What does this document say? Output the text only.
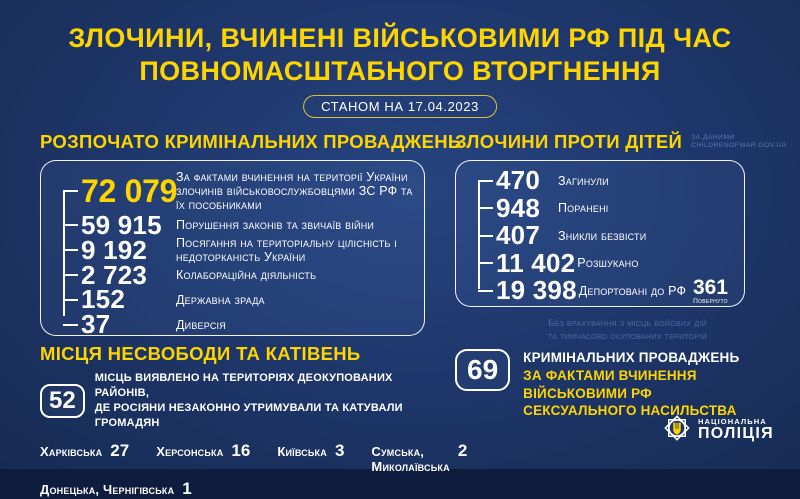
ЗЛОЧИНИ, ВЧИНЕНІ ВІЙСЬКОВИМИ РФ ПІД ЧАС
ПОВНОМАСШТАБНОГО ВТОРГНЕННЯ
СТАНОМ НА 17.04.2023
РОЗПОЧАТО КРИМІНАЛЬНИХ ПРОВАДЖЕНЬ
72 079
За фактами вчинення на території України злочинів військовослужбовцями ЗС РФ та їх пособниками
59 915	Порушення законів та звичаїв війни
9 192	Посягання на територіальну цілісність і недоторканість України
2 723	Колабораційна діяльність
152	Державна зрада
37	Диверсія
ЗЛОЧИНИ ПРОТИ ДІТЕЙ ЗА ДАНИМИ
CHILDRENOFWAR.GOV.UA
470	Загинули
948	Поранені
407	Зникли безвісти
11 402 Розшукано
19 398 Депортовані до РФ 361
Повернуто
Без врахування з місць бойових дій
та тимчасово окупованих територій
МІСЦЯ НЕСВОБОДИ ТА КАТІВЕНЬ
52
МІСЦЬ ВИЯВЛЕНО НА ТЕРИТОРІЯХ ДЕОКУПОВАНИХ РАЙОНІВ,
ДЕ РОСІЯНИ НЕЗАКОННО УТРИМУВАЛИ ТА КАТУВАЛИ ГРОМАДЯН
Харківська 27 Херсонська 16 Київська 3 Сумська, Миколаївська
2
Донецька, Чернігівська 1
69	КРИМІНАЛЬНИХ ПРОВАДЖЕНЬ
ЗА ФАКТАМИ ВЧИНЕННЯ
ВІЙСЬКОВИМИ РФ
СЕКСУАЛЬНОГО НАСИЛЬСТВА
НАЦІОНАЛЬНА
ПОЛІЦІЯ
